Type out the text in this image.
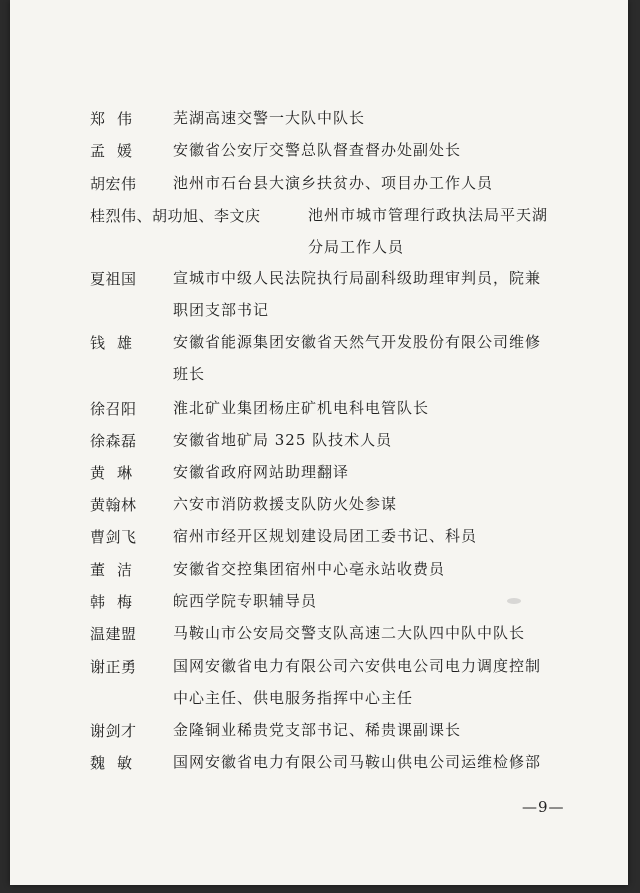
郑伟 芜湖高速交警一大队中队长
孟媛 安徽省公安厅交警总队督查督办处副处长
胡宏伟 池州市石台县大演乡扶贫办、项目办工作人员
桂烈伟、胡功旭、李文庆	池州市城市管理行政执法局平天湖
分局工作人员
夏祖国 宣城市中级人民法院执行局副科级助理审判员，院兼
职团支部书记
钱雄 安徽省能源集团安徽省天然气开发股份有限公司维修
班长
徐召阳 淮北矿业集团杨庄矿机电科电管队长
徐森磊 安徽省地矿局 325 队技术人员
黄琳 安徽省政府网站助理翻译
黄翰林 六安市消防救援支队防火处参谋
曹剑飞 宿州市经开区规划建设局团工委书记、科员
董洁 安徽省交控集团宿州中心亳永站收费员
韩梅 皖西学院专职辅导员
温建盟 马鞍山市公安局交警支队高速二大队四中队中队长
谢正勇 国网安徽省电力有限公司六安供电公司电力调度控制
中心主任、供电服务指挥中心主任
谢剑才 金隆铜业稀贵党支部书记、稀贵课副课长
魏敏 国网安徽省电力有限公司马鞍山供电公司运维检修部
—9—
